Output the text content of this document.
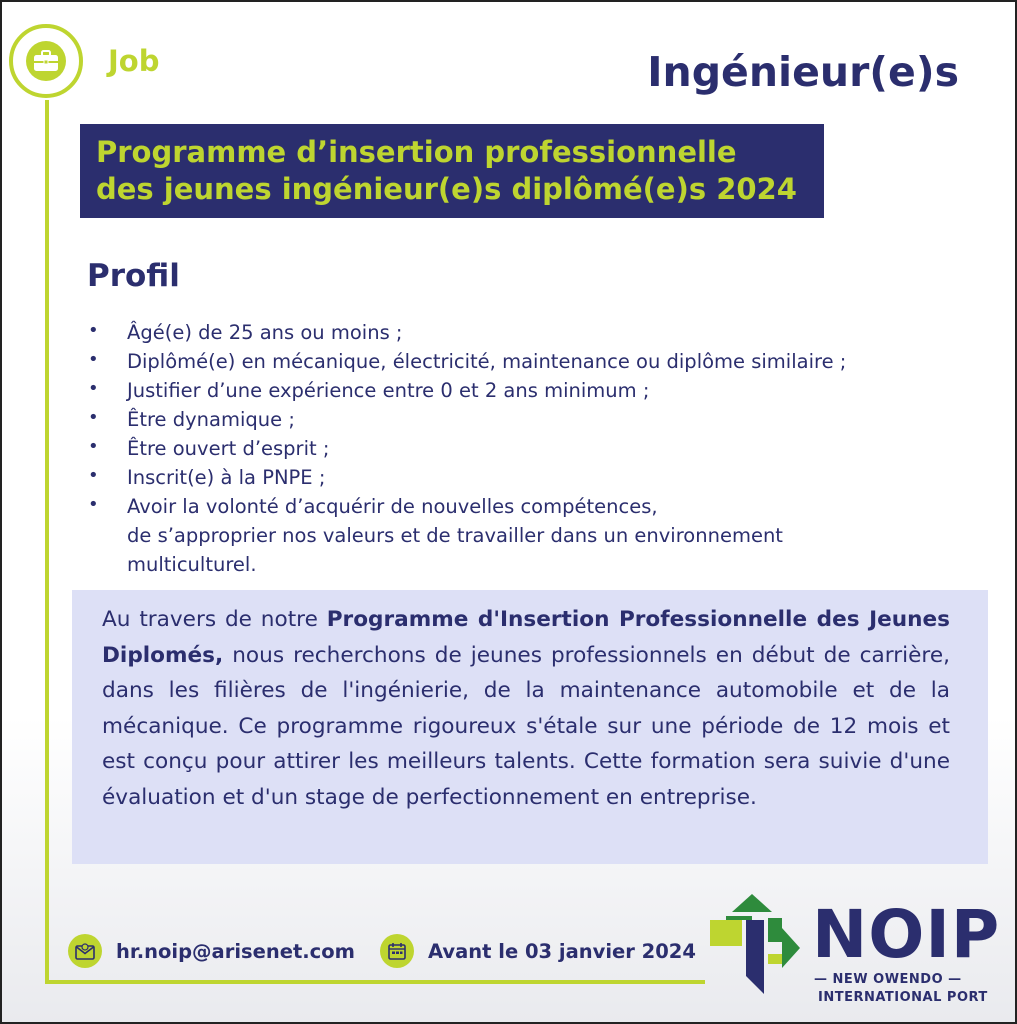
Job	Ingénieur(e)s
Programme d’insertion professionnelle
des jeunes ingénieur(e)s diplômé(e)s 2024
Profil
• Âgé(e) de 25 ans ou moins ;
• Diplômé(e) en mécanique, électricité, maintenance ou diplôme similaire ;
• Justifier d’une expérience entre 0 et 2 ans minimum ;
• Être dynamique ;
• Être ouvert d’esprit ;
• Inscrit(e) à la PNPE ;
• Avoir la volonté d’acquérir de nouvelles compétences,
de s’approprier nos valeurs et de travailler dans un environnement
multiculturel.

Au travers de notre Programme d'Insertion Professionnelle des Jeunes Diplomés, nous recherchons de jeunes professionnels en début de carrière, dans les filières de l'ingénierie, de la maintenance automobile et de la mécanique. Ce programme rigoureux s'étale sur une période de 12 mois et est conçu pour attirer les meilleurs talents. Cette formation sera suivie d'une évaluation et d'un stage de perfectionnement en entreprise.

hr.noip@arisenet.com	Avant le 03 janvier 2024 NOIP
— NEW OWENDO —
INTERNATIONAL PORT
